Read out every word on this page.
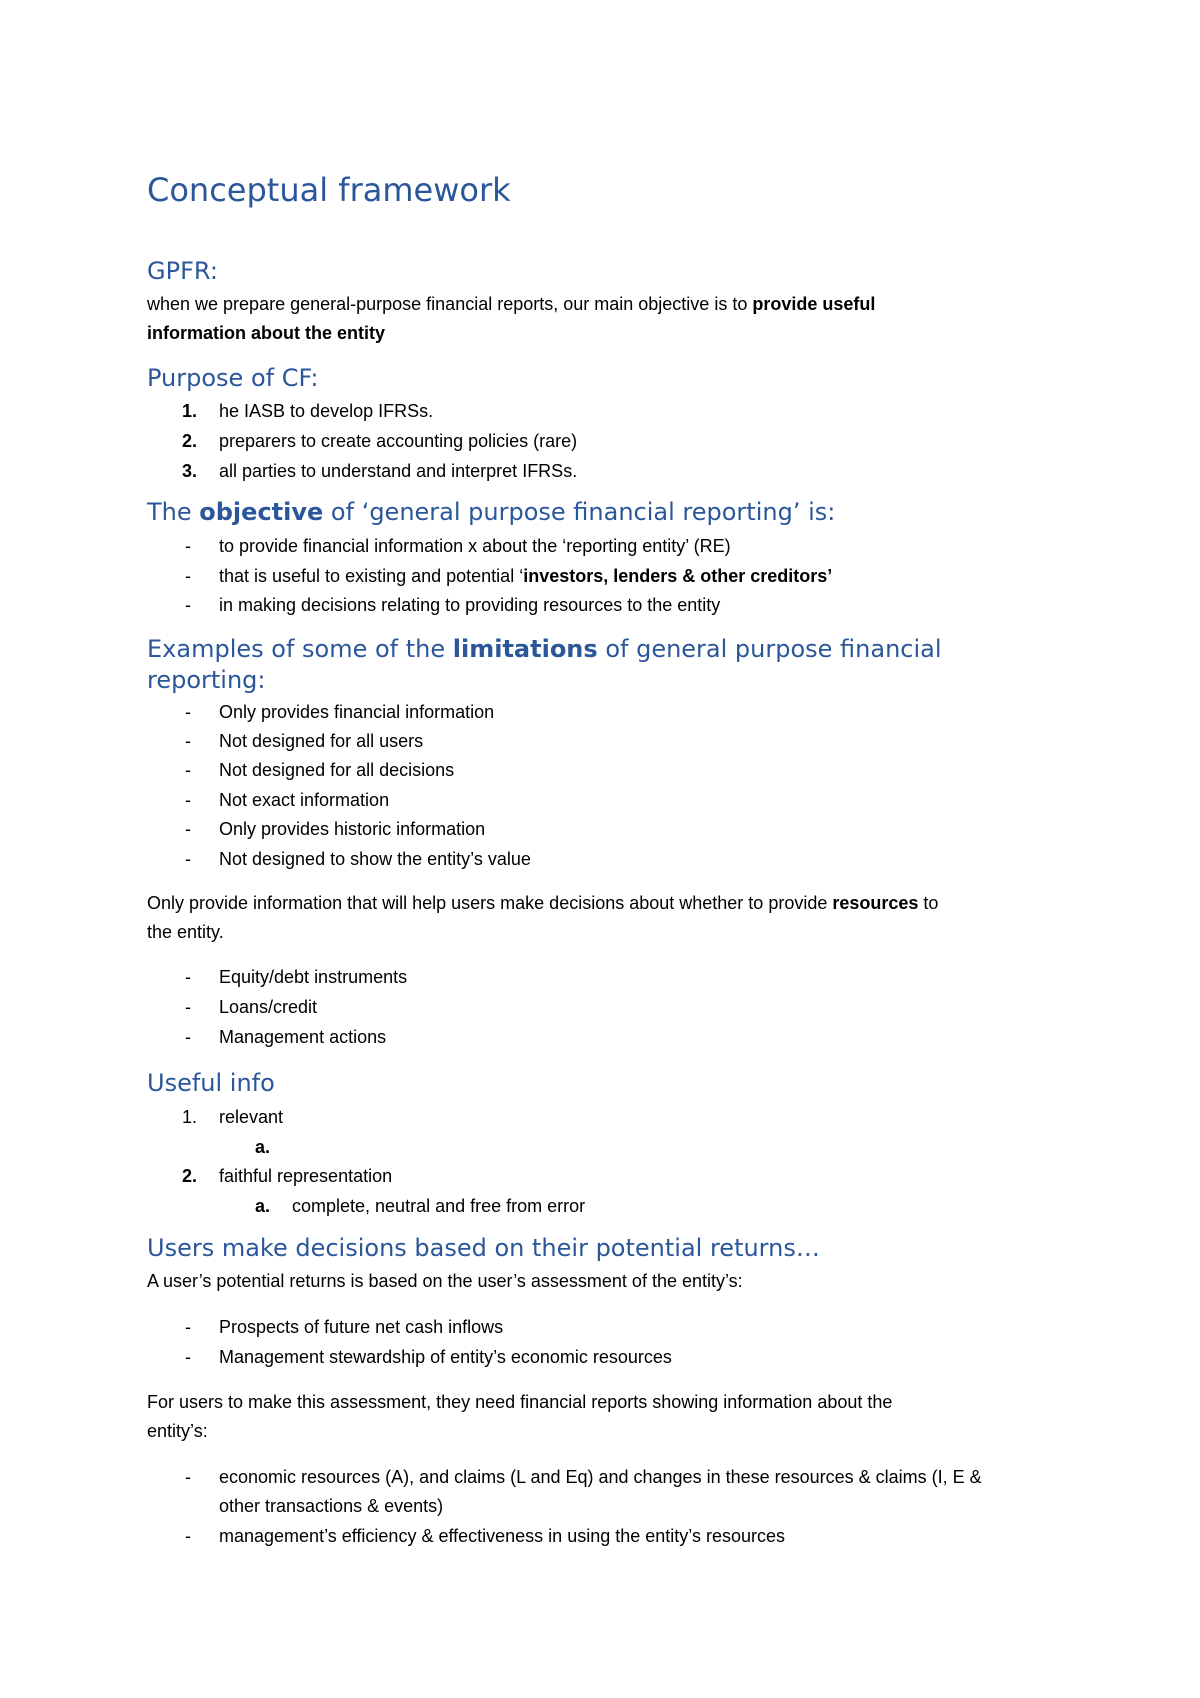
Conceptual framework
GPFR:

when we prepare general-purpose financial reports, our main objective is to provide useful

information about the entity

Purpose of CF:

1. he IASB to develop IFRSs.

2. preparers to create accounting policies (rare)

3. all parties to understand and interpret IFRSs.

The objective of ‘general purpose financial reporting’ is:

- to provide financial information x about the ‘reporting entity’ (RE)

- that is useful to existing and potential ‘investors, lenders & other creditors’

- in making decisions relating to providing resources to the entity

Examples of some of the limitations of general purpose financial
reporting:

- Only provides financial information

- Not designed for all users

- Not designed for all decisions

- Not exact information

- Only provides historic information

- Not designed to show the entity’s value

Only provide information that will help users make decisions about whether to provide resources to

the entity.

- Equity/debt instruments

- Loans/credit

- Management actions

Useful info

1. relevant

a.

2. faithful representation

a. complete, neutral and free from error

Users make decisions based on their potential returns…

A user’s potential returns is based on the user’s assessment of the entity’s:

- Prospects of future net cash inflows

- Management stewardship of entity’s economic resources

For users to make this assessment, they need financial reports showing information about the

entity’s:

- economic resources (A), and claims (L and Eq) and changes in these resources & claims (I, E &

other transactions & events)

- management’s efficiency & effectiveness in using the entity’s resources
